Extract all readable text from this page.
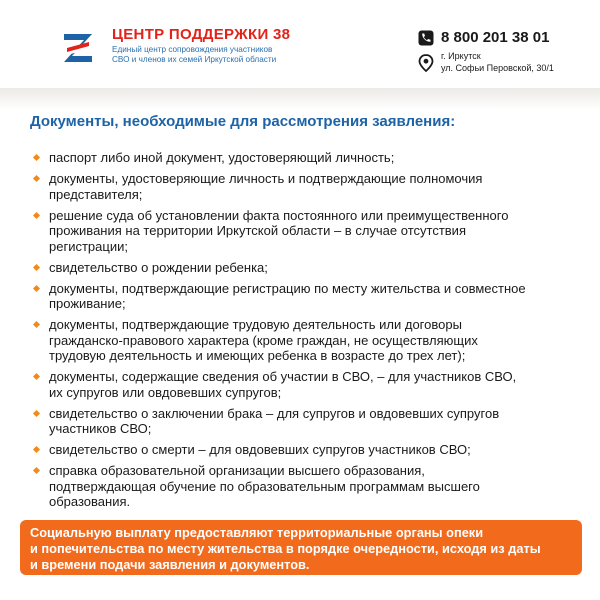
ЦЕНТР ПОДДЕРЖКИ 38
Единый центр сопровождения участников
СВО и членов их семей Иркутской области
8 800 201 38 01
г. Иркутск
ул. Софьи Перовской, 30/1
Документы, необходимые для рассмотрения заявления:
паспорт либо иной документ, удостоверяющий личность;
документы, удостоверяющие личность и подтверждающие полномочия
представителя;
решение суда об установлении факта постоянного или преимущественного
проживания на территории Иркутской области – в случае отсутствия
регистрации;
свидетельство о рождении ребенка;
документы, подтверждающие регистрацию по месту жительства и совместное
проживание;
документы, подтверждающие трудовую деятельность или договоры
гражданско-правового характера (кроме граждан, не осуществляющих
трудовую деятельность и имеющих ребенка в возрасте до трех лет);
документы, содержащие сведения об участии в СВО, – для участников СВО,
их супругов или овдовевших супругов;
свидетельство о заключении брака – для супругов и овдовевших супругов
участников СВО;
свидетельство о смерти – для овдовевших супругов участников СВО;
справка образовательной организации высшего образования,
подтверждающая обучение по образовательным программам высшего
образования.
Социальную выплату предоставляют территориальные органы опеки
и попечительства по месту жительства в порядке очередности, исходя из даты
и времени подачи заявления и документов.
